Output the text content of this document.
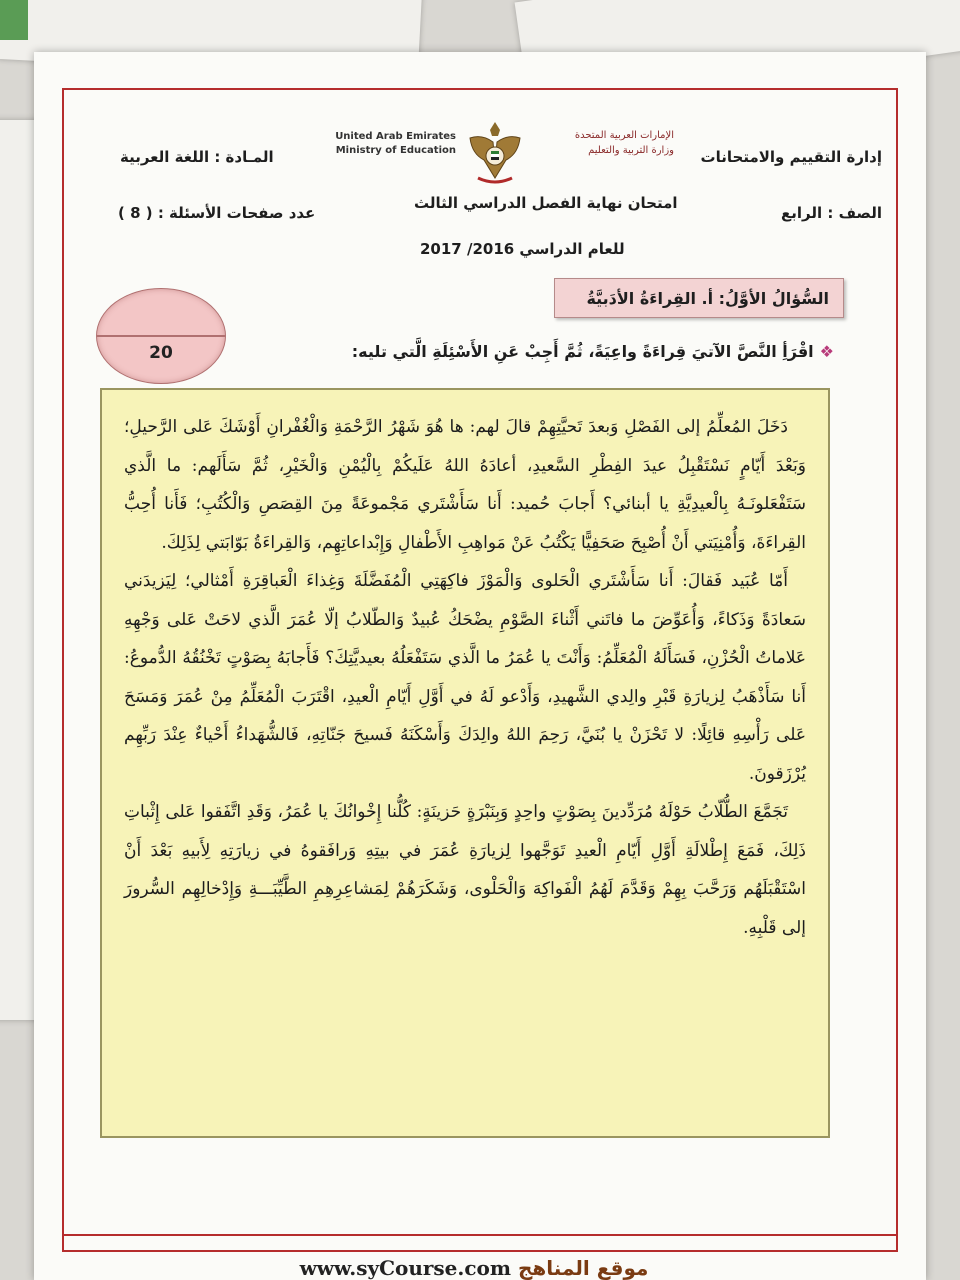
إدارة التقييم والامتحانات
الإمارات العربية المتحدة
وزارة التربية والتعليم
United Arab Emirates
Ministry of Education
المـادة : اللغة العربية
الصف : الرابع
امتحان نهاية الفصل الدراسي الثالث
عدد صفحات الأسئلة : ( 8 )
للعام الدراسي 2016/ 2017
السُّؤالُ الأوَّلُ: أ. القِراءَةُ الأدَبيَّةُ
20	❖اقْرَأِ النَّصَّ الآتيَ قِراءَةً واعِيَةً، ثُمَّ أَجِبْ عَنِ الأَسْئِلَةِ الَّتي تليه:

دَخَلَ المُعلِّمُ إلى الفَصْلِ وَبعدَ تَحيَّتِهِمْ قالَ لهم: ها هُوَ شَهْرُ الرَّحْمَةِ وَالْغُفْرانِ أَوْشَكَ عَلى الرَّحيلِ؛ وَبَعْدَ أَيّامٍ نَسْتَقْبِلُ عيدَ الفِطْرِ السَّعيدِ، أعادَهُ اللهُ عَلَيكُمْ بِالْيُمْنِ وَالْخَيْرِ، ثُمَّ سَأَلَهم: ما الَّذي سَتَفْعَلونَـهُ بِالْعيدِيَّةِ يا أبنائي؟ أَجابَ حُميد: أَنا سَأَشْتَري مَجْموعَةً مِنَ القِصَصِ وَالْكُتُبِ؛ فَأَنا أُحِبُّ القِراءَةَ، وَأُمْنِيَتي أَنْ أُصْبِحَ صَحَفِيًّا يَكْتُبُ عَنْ مَواهِبِ الأَطْفالِ وَإِبْداعاتِهِم، وَالقِراءَةُ بَوّابَتي لِذَلِكَ.

أَمّا عُبَيد فَقالَ: أَنا سَأَشْتَري الْحَلوى وَالْمَوْزَ فاكِهَتِي الْمُفَضَّلَةَ وَغِذاءَ الْعَباقِرَةِ أَمْثالي؛ لِيَزيدَني سَعادَةً وَذَكاءً، وَأُعَوِّضَ ما فاتَني أَثْناءَ الصَّوْمِ يضْحَكُ عُبيدٌ وَالطّلابُ إلّا عُمَرَ الَّذي لاحَتْ عَلى وَجْهِهِ عَلاماتُ الْحُزْنِ، فَسَأَلَهُ الْمُعَلِّمُ: وَأَنْتَ يا عُمَرُ ما الَّذي سَتَفْعَلُهُ بعيديَّتِكَ؟ فَأَجابَهُ بِصَوْتٍ تَخْنُقُهُ الدُّموعُ: أَنا سَأَذْهَبُ لِزيارَةِ قَبْرِ والِدي الشَّهيدِ، وَأَدْعو لَهُ في أَوَّلِ أَيّامِ الْعيدِ، اقْتَرَبَ الْمُعَلِّمُ مِنْ عُمَرَ وَمَسَحَ عَلى رَأْسِهِ قائِلًا: لا تَحْزَنْ يا بُنَيَّ، رَحِمَ اللهُ والِدَكَ وَأَسْكَنَهُ فَسيحَ جَنّاتِهِ، فَالشُّهَداءُ أَحْياءٌ عِنْدَ رَبِّهِم يُرْزَقونَ.

تَجَمَّعَ الطُّلّابُ حَوْلَهُ مُرَدِّدينَ بِصَوْتٍ واحِدٍ وَبِنَبْرَةٍ حَزينَةٍ: كُلُّنا إِخْوانُكَ يا عُمَرُ، وَقَدِ اتَّفَقوا عَلى إِثْباتِ ذَلِكَ، فَمَعَ إِطْلالَةِ أَوَّلِ أَيّامِ الْعيدِ تَوَجَّهوا لِزيارَةِ عُمَرَ في بيتِهِ وَرافَقوهُ في زيارَتِهِ لِأَبيهِ بَعْدَ أَنْ اسْتَقْبَلَهُم وَرَحَّبَ بِهِمْ وَقَدَّمَ لَهُمُ الْفَواكِهَ وَالْحَلْوى، وَشَكَرَهُمْ لِمَشاعِرِهِمِ الطَّيِّبَـــةِ وَإِدْخالِهِم السُّرورَ إلى قَلْبِهِ.

www.syCourse.com موقع المناهج
